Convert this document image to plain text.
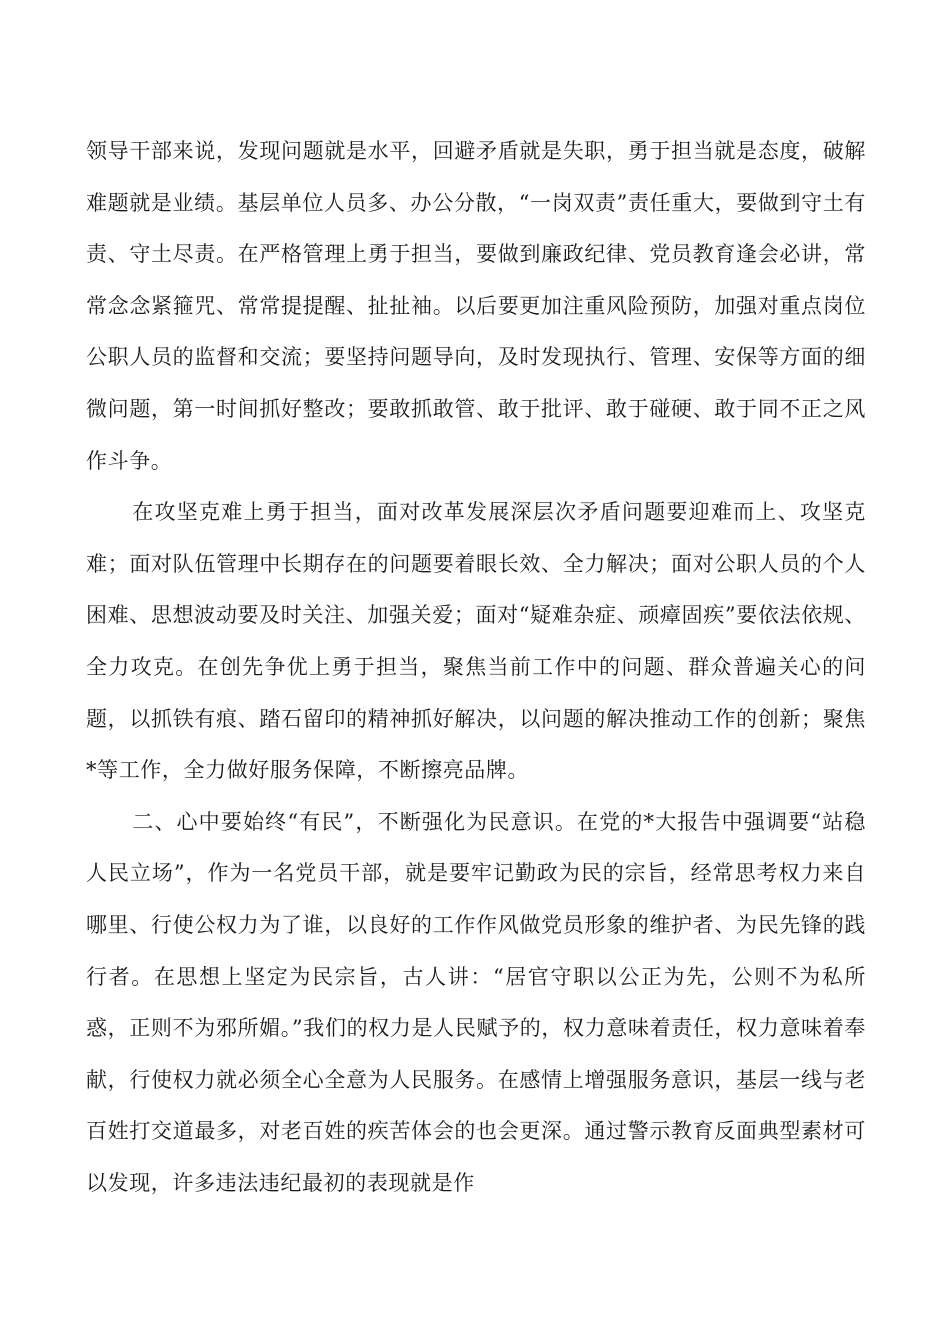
领导干部来说，发现问题就是水平，回避矛盾就是失职，勇于担当就是态度，破解难题就是业绩。基层单位人员多、办公分散，“一岗双责”责任重大，要做到守土有责、守土尽责。在严格管理上勇于担当，要做到廉政纪律、党员教育逢会必讲，常常念念紧箍咒、常常提提醒、扯扯袖。以后要更加注重风险预防，加强对重点岗位公职人员的监督和交流；要坚持问题导向，及时发现执行、管理、安保等方面的细微问题，第一时间抓好整改；要敢抓敢管、敢于批评、敢于碰硬、敢于同不正之风作斗争。

在攻坚克难上勇于担当，面对改革发展深层次矛盾问题要迎难而上、攻坚克难；面对队伍管理中长期存在的问题要着眼长效、全力解决；面对公职人员的个人困难、思想波动要及时关注、加强关爱；面对“疑难杂症、顽瘴固疾”要依法依规、全力攻克。在创先争优上勇于担当，聚焦当前工作中的问题、群众普遍关心的问题，以抓铁有痕、踏石留印的精神抓好解决，以问题的解决推动工作的创新；聚焦*等工作，全力做好服务保障，不断擦亮品牌。

二、心中要始终“有民”，不断强化为民意识。在党的*大报告中强调要“站稳人民立场”，作为一名党员干部，就是要牢记勤政为民的宗旨，经常思考权力来自哪里、行使公权力为了谁，以良好的工作作风做党员形象的维护者、为民先锋的践行者。在思想上坚定为民宗旨，古人讲：“居官守职以公正为先，公则不为私所惑，正则不为邪所媚。”我们的权力是人民赋予的，权力意味着责任，权力意味着奉献，行使权力就必须全心全意为人民服务。在感情上增强服务意识，基层一线与老百姓打交道最多，对老百姓的疾苦体会的也会更深。通过警示教育反面典型素材可以发现，许多违法违纪最初的表现就是作
